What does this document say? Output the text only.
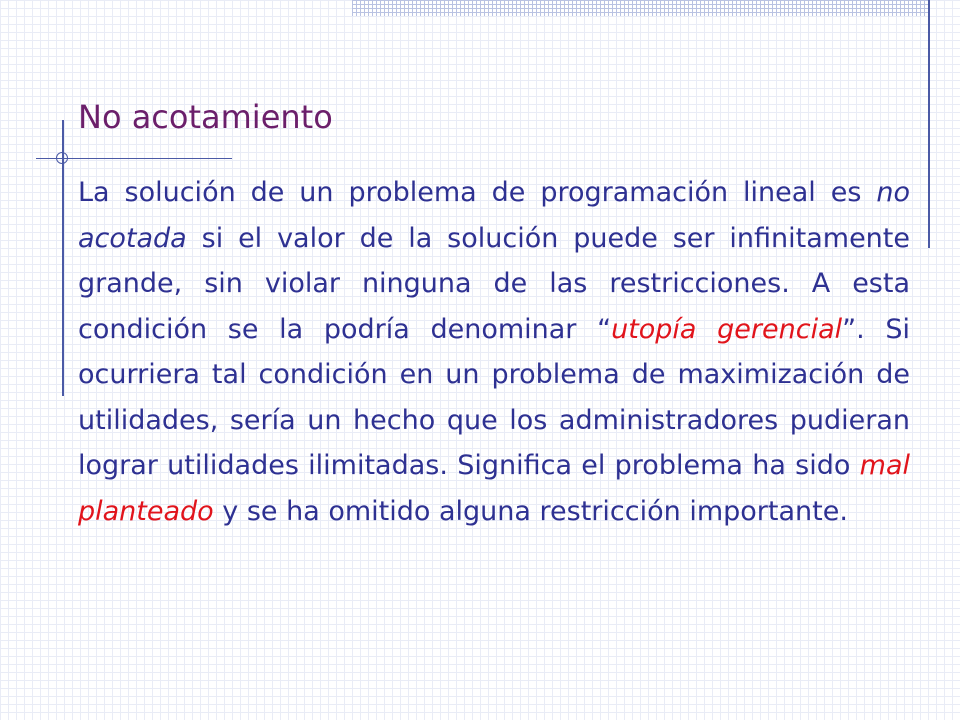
No acotamiento

La solución de un problema de programación lineal es no acotada si el valor de la solución puede ser infinitamente grande, sin violar ninguna de las restricciones. A esta condición se la podría denominar “utopía gerencial”. Si ocurriera tal condición en un problema de maximización de utilidades, sería un hecho que los administradores pudieran lograr utilidades ilimitadas. Significa el problema ha sido mal planteado y se ha omitido alguna restricción importante.
